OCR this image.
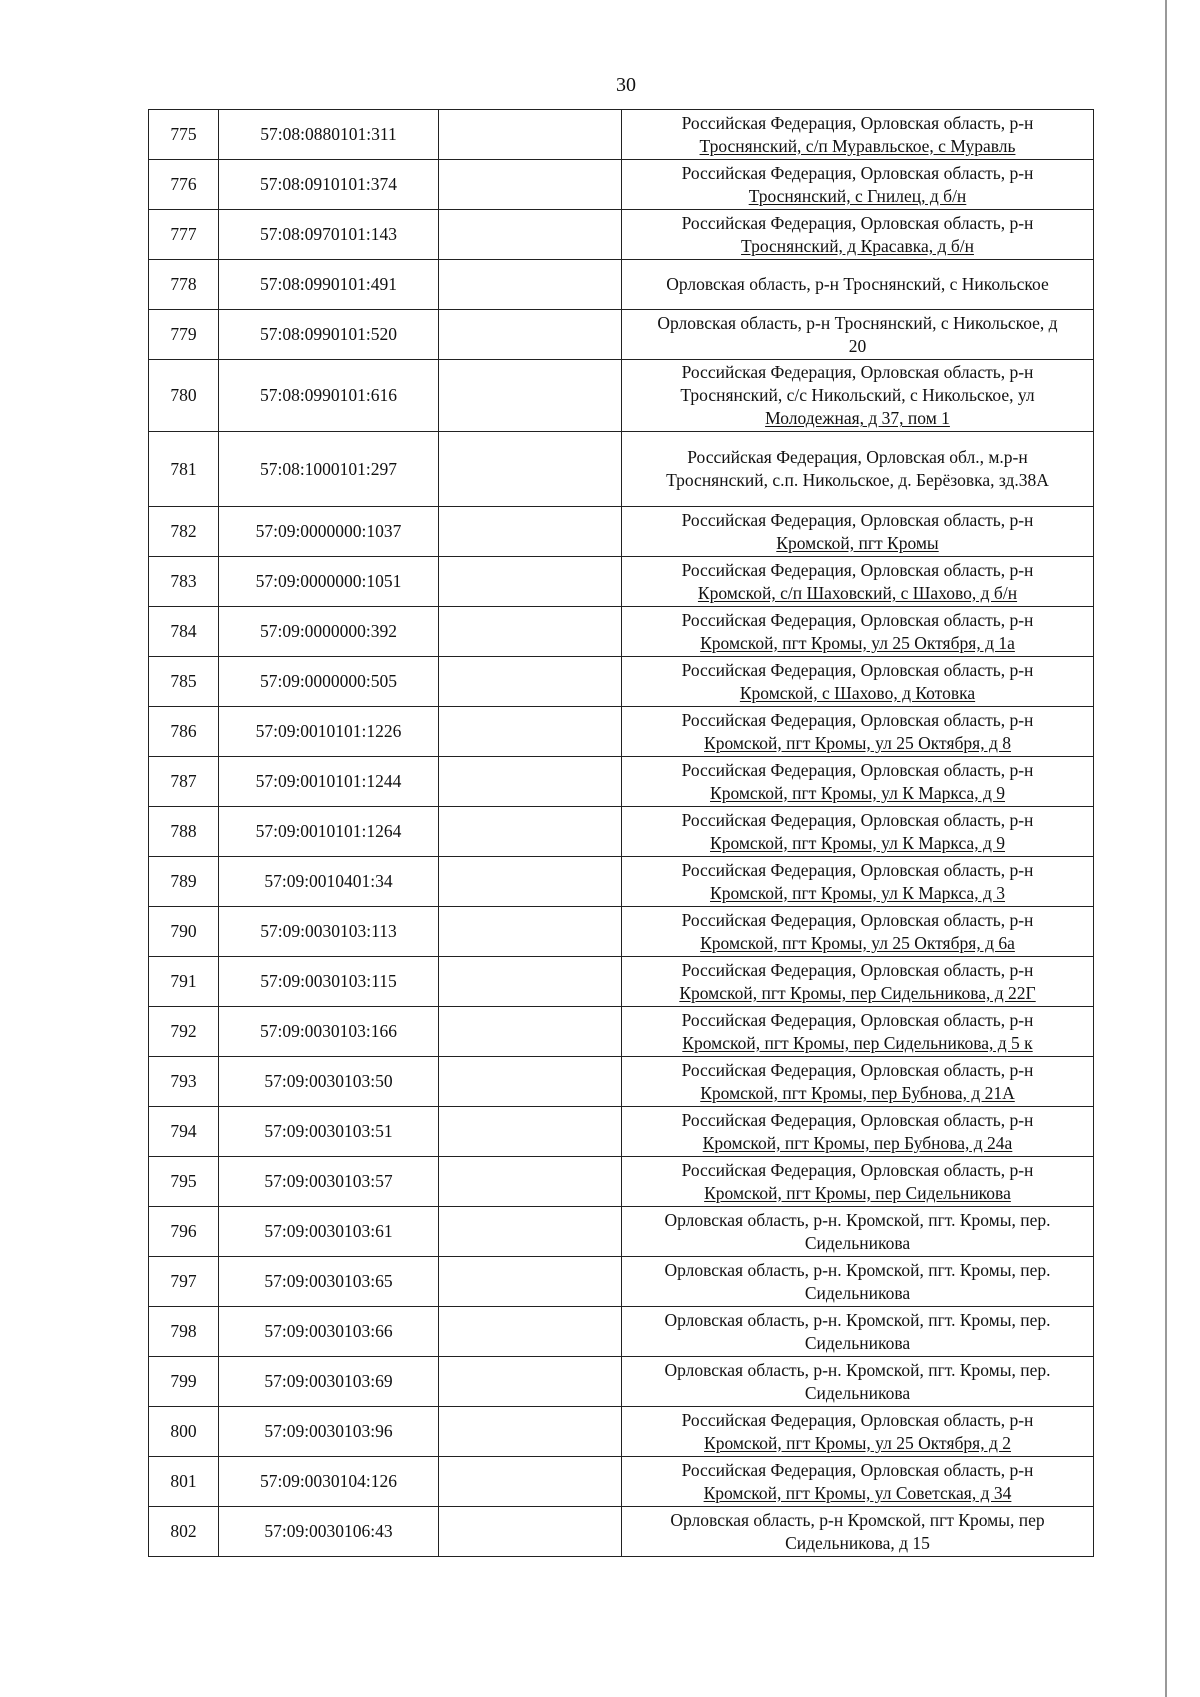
30
775	57:08:0880101:311		Российская Федерация, Орловская область, р-н
Троснянский, с/п Муравльское, с Муравль

776	57:08:0910101:374		Российская Федерация, Орловская область, р-н
Троснянский, с Гнилец, д б/н

777	57:08:0970101:143		Российская Федерация, Орловская область, р-н
Троснянский, д Красавка, д б/н

778	57:08:0990101:491		Орловская область, р-н Троснянский, с Никольское

779	57:08:0990101:520		Орловская область, р-н Троснянский, с Никольское, д
20

780	57:08:0990101:616		Российская Федерация, Орловская область, р-н
Троснянский, с/с Никольский, с Никольское, ул
Молодежная, д 37, пом 1

781	57:08:1000101:297		Российская Федерация, Орловская обл., м.р-н
Троснянский, с.п. Никольское, д. Берёзовка, зд.38А

782	57:09:0000000:1037		Российская Федерация, Орловская область, р-н
Кромской, пгт Кромы

783	57:09:0000000:1051		Российская Федерация, Орловская область, р-н
Кромской, с/п Шаховский, с Шахово, д б/н

784	57:09:0000000:392		Российская Федерация, Орловская область, р-н
Кромской, пгт Кромы, ул 25 Октября, д 1а

785	57:09:0000000:505		Российская Федерация, Орловская область, р-н
Кромской, с Шахово, д Котовка

786	57:09:0010101:1226		Российская Федерация, Орловская область, р-н
Кромской, пгт Кромы, ул 25 Октября, д 8

787	57:09:0010101:1244		Российская Федерация, Орловская область, р-н
Кромской, пгт Кромы, ул К Маркса, д 9

788	57:09:0010101:1264		Российская Федерация, Орловская область, р-н
Кромской, пгт Кромы, ул К Маркса, д 9

789	57:09:0010401:34		Российская Федерация, Орловская область, р-н
Кромской, пгт Кромы, ул К Маркса, д 3

790	57:09:0030103:113		Российская Федерация, Орловская область, р-н
Кромской, пгт Кромы, ул 25 Октября, д 6а

791	57:09:0030103:115		Российская Федерация, Орловская область, р-н
Кромской, пгт Кромы, пер Сидельникова, д 22Г

792	57:09:0030103:166		Российская Федерация, Орловская область, р-н
Кромской, пгт Кромы, пер Сидельникова, д 5 к

793	57:09:0030103:50		Российская Федерация, Орловская область, р-н
Кромской, пгт Кромы, пер Бубнова, д 21А

794	57:09:0030103:51		Российская Федерация, Орловская область, р-н
Кромской, пгт Кромы, пер Бубнова, д 24а

795	57:09:0030103:57		Российская Федерация, Орловская область, р-н
Кромской, пгт Кромы, пер Сидельникова

796	57:09:0030103:61		Орловская область, р-н. Кромской, пгт. Кромы, пер.
Сидельникова

797	57:09:0030103:65		Орловская область, р-н. Кромской, пгт. Кромы, пер.
Сидельникова

798	57:09:0030103:66		Орловская область, р-н. Кромской, пгт. Кромы, пер.
Сидельникова

799	57:09:0030103:69		Орловская область, р-н. Кромской, пгт. Кромы, пер.
Сидельникова

800	57:09:0030103:96		Российская Федерация, Орловская область, р-н
Кромской, пгт Кромы, ул 25 Октября, д 2

801	57:09:0030104:126		Российская Федерация, Орловская область, р-н
Кромской, пгт Кромы, ул Советская, д 34

802	57:09:0030106:43		Орловская область, р-н Кромской, пгт Кромы, пер
Сидельникова, д 15
